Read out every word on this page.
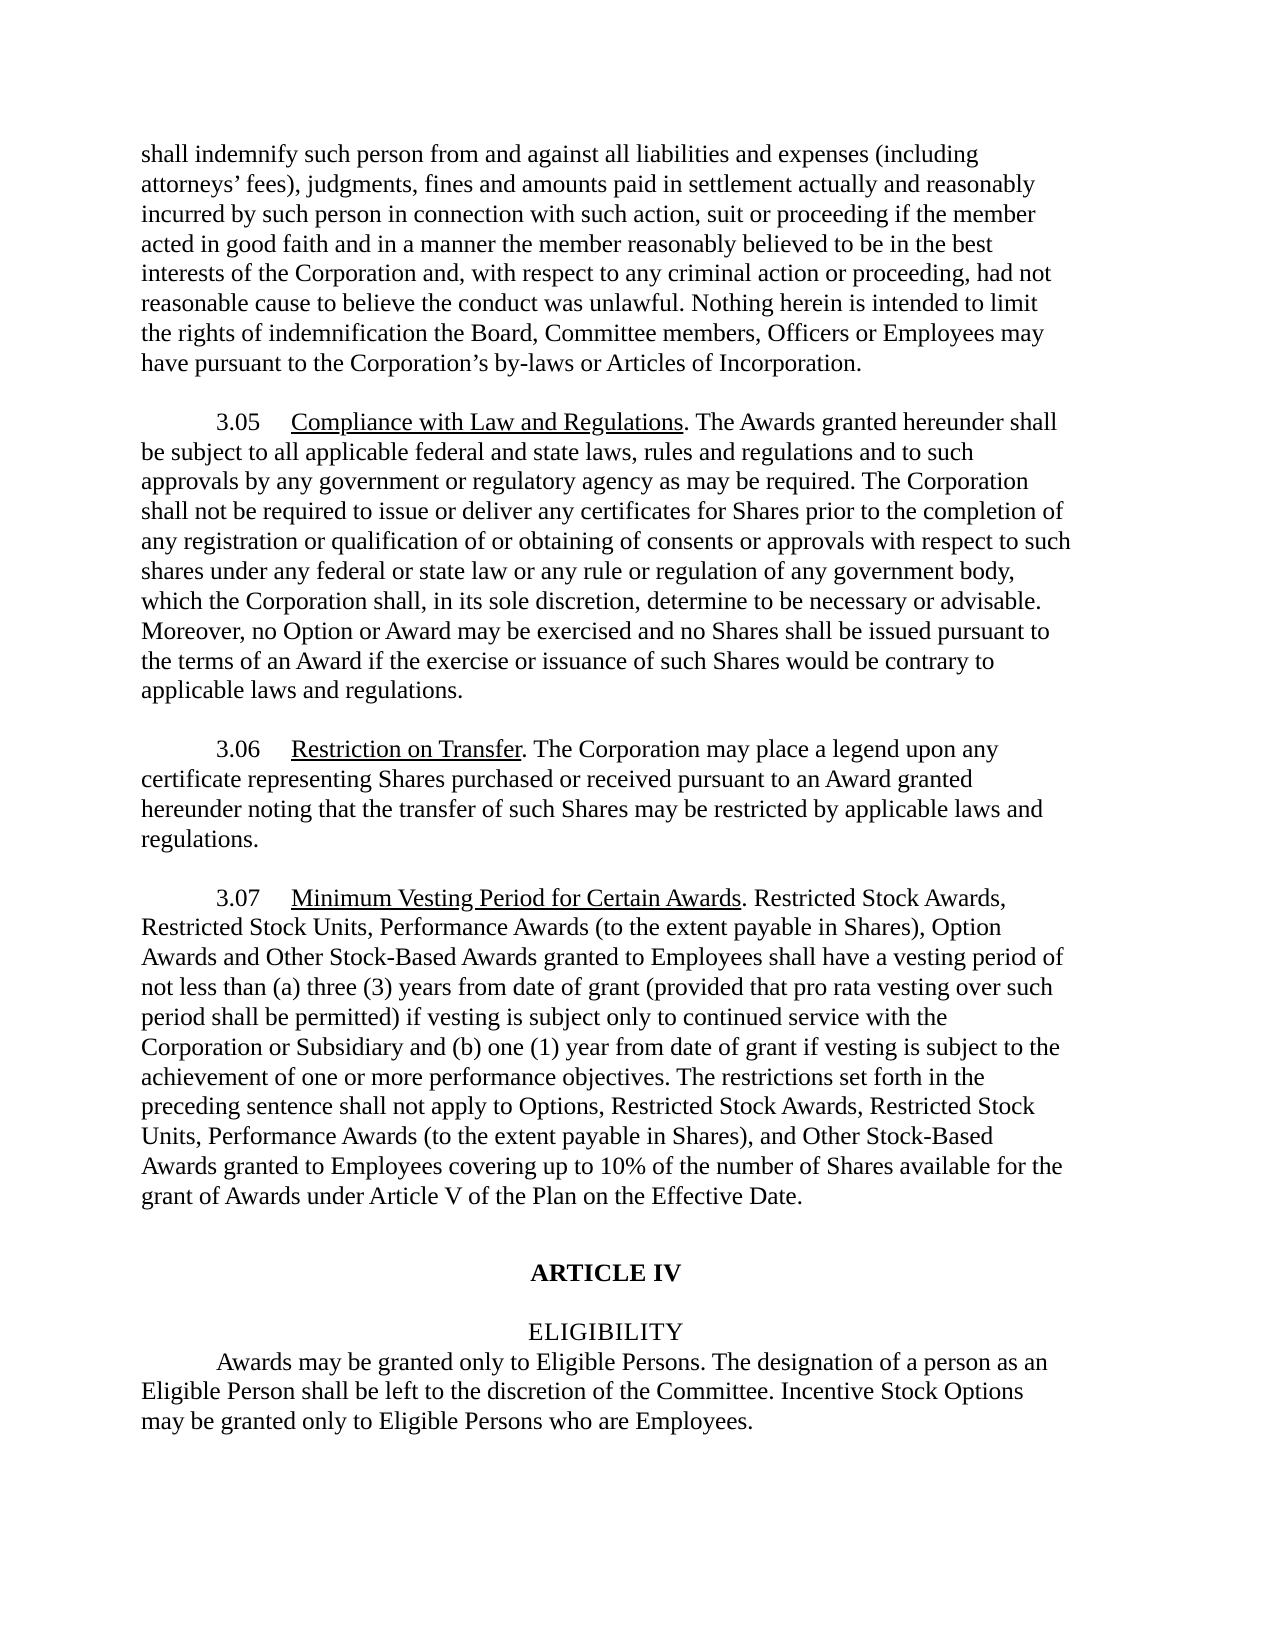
shall indemnify such person from and against all liabilities and expenses (including attorneys’ fees), judgments, fines and amounts paid in settlement actually and reasonably incurred by such person in connection with such action, suit or proceeding if the member acted in good faith and in a manner the member reasonably believed to be in the best interests of the Corporation and, with respect to any criminal action or proceeding, had not reasonable cause to believe the conduct was unlawful. Nothing herein is intended to limit the rights of indemnification the Board, Committee members, Officers or Employees may have pursuant to the Corporation’s by-laws or Articles of Incorporation.

3.05 Compliance with Law and Regulations. The Awards granted hereunder shall be subject to all applicable federal and state laws, rules and regulations and to such approvals by any government or regulatory agency as may be required. The Corporation shall not be required to issue or deliver any certificates for Shares prior to the completion of any registration or qualification of or obtaining of consents or approvals with respect to such shares under any federal or state law or any rule or regulation of any government body, which the Corporation shall, in its sole discretion, determine to be necessary or advisable. Moreover, no Option or Award may be exercised and no Shares shall be issued pursuant to the terms of an Award if the exercise or issuance of such Shares would be contrary to applicable laws and regulations.

3.06 Restriction on Transfer. The Corporation may place a legend upon any certificate representing Shares purchased or received pursuant to an Award granted hereunder noting that the transfer of such Shares may be restricted by applicable laws and regulations.

3.07 Minimum Vesting Period for Certain Awards. Restricted Stock Awards, Restricted Stock Units, Performance Awards (to the extent payable in Shares), Option Awards and Other Stock-Based Awards granted to Employees shall have a vesting period of not less than (a) three (3) years from date of grant (provided that pro rata vesting over such period shall be permitted) if vesting is subject only to continued service with the Corporation or Subsidiary and (b) one (1) year from date of grant if vesting is subject to the achievement of one or more performance objectives. The restrictions set forth in the preceding sentence shall not apply to Options, Restricted Stock Awards, Restricted Stock Units, Performance Awards (to the extent payable in Shares), and Other Stock-Based Awards granted to Employees covering up to 10% of the number of Shares available for the grant of Awards under Article V of the Plan on the Effective Date.

ARTICLE IV
ELIGIBILITY

Awards may be granted only to Eligible Persons. The designation of a person as an Eligible Person shall be left to the discretion of the Committee. Incentive Stock Options may be granted only to Eligible Persons who are Employees.
